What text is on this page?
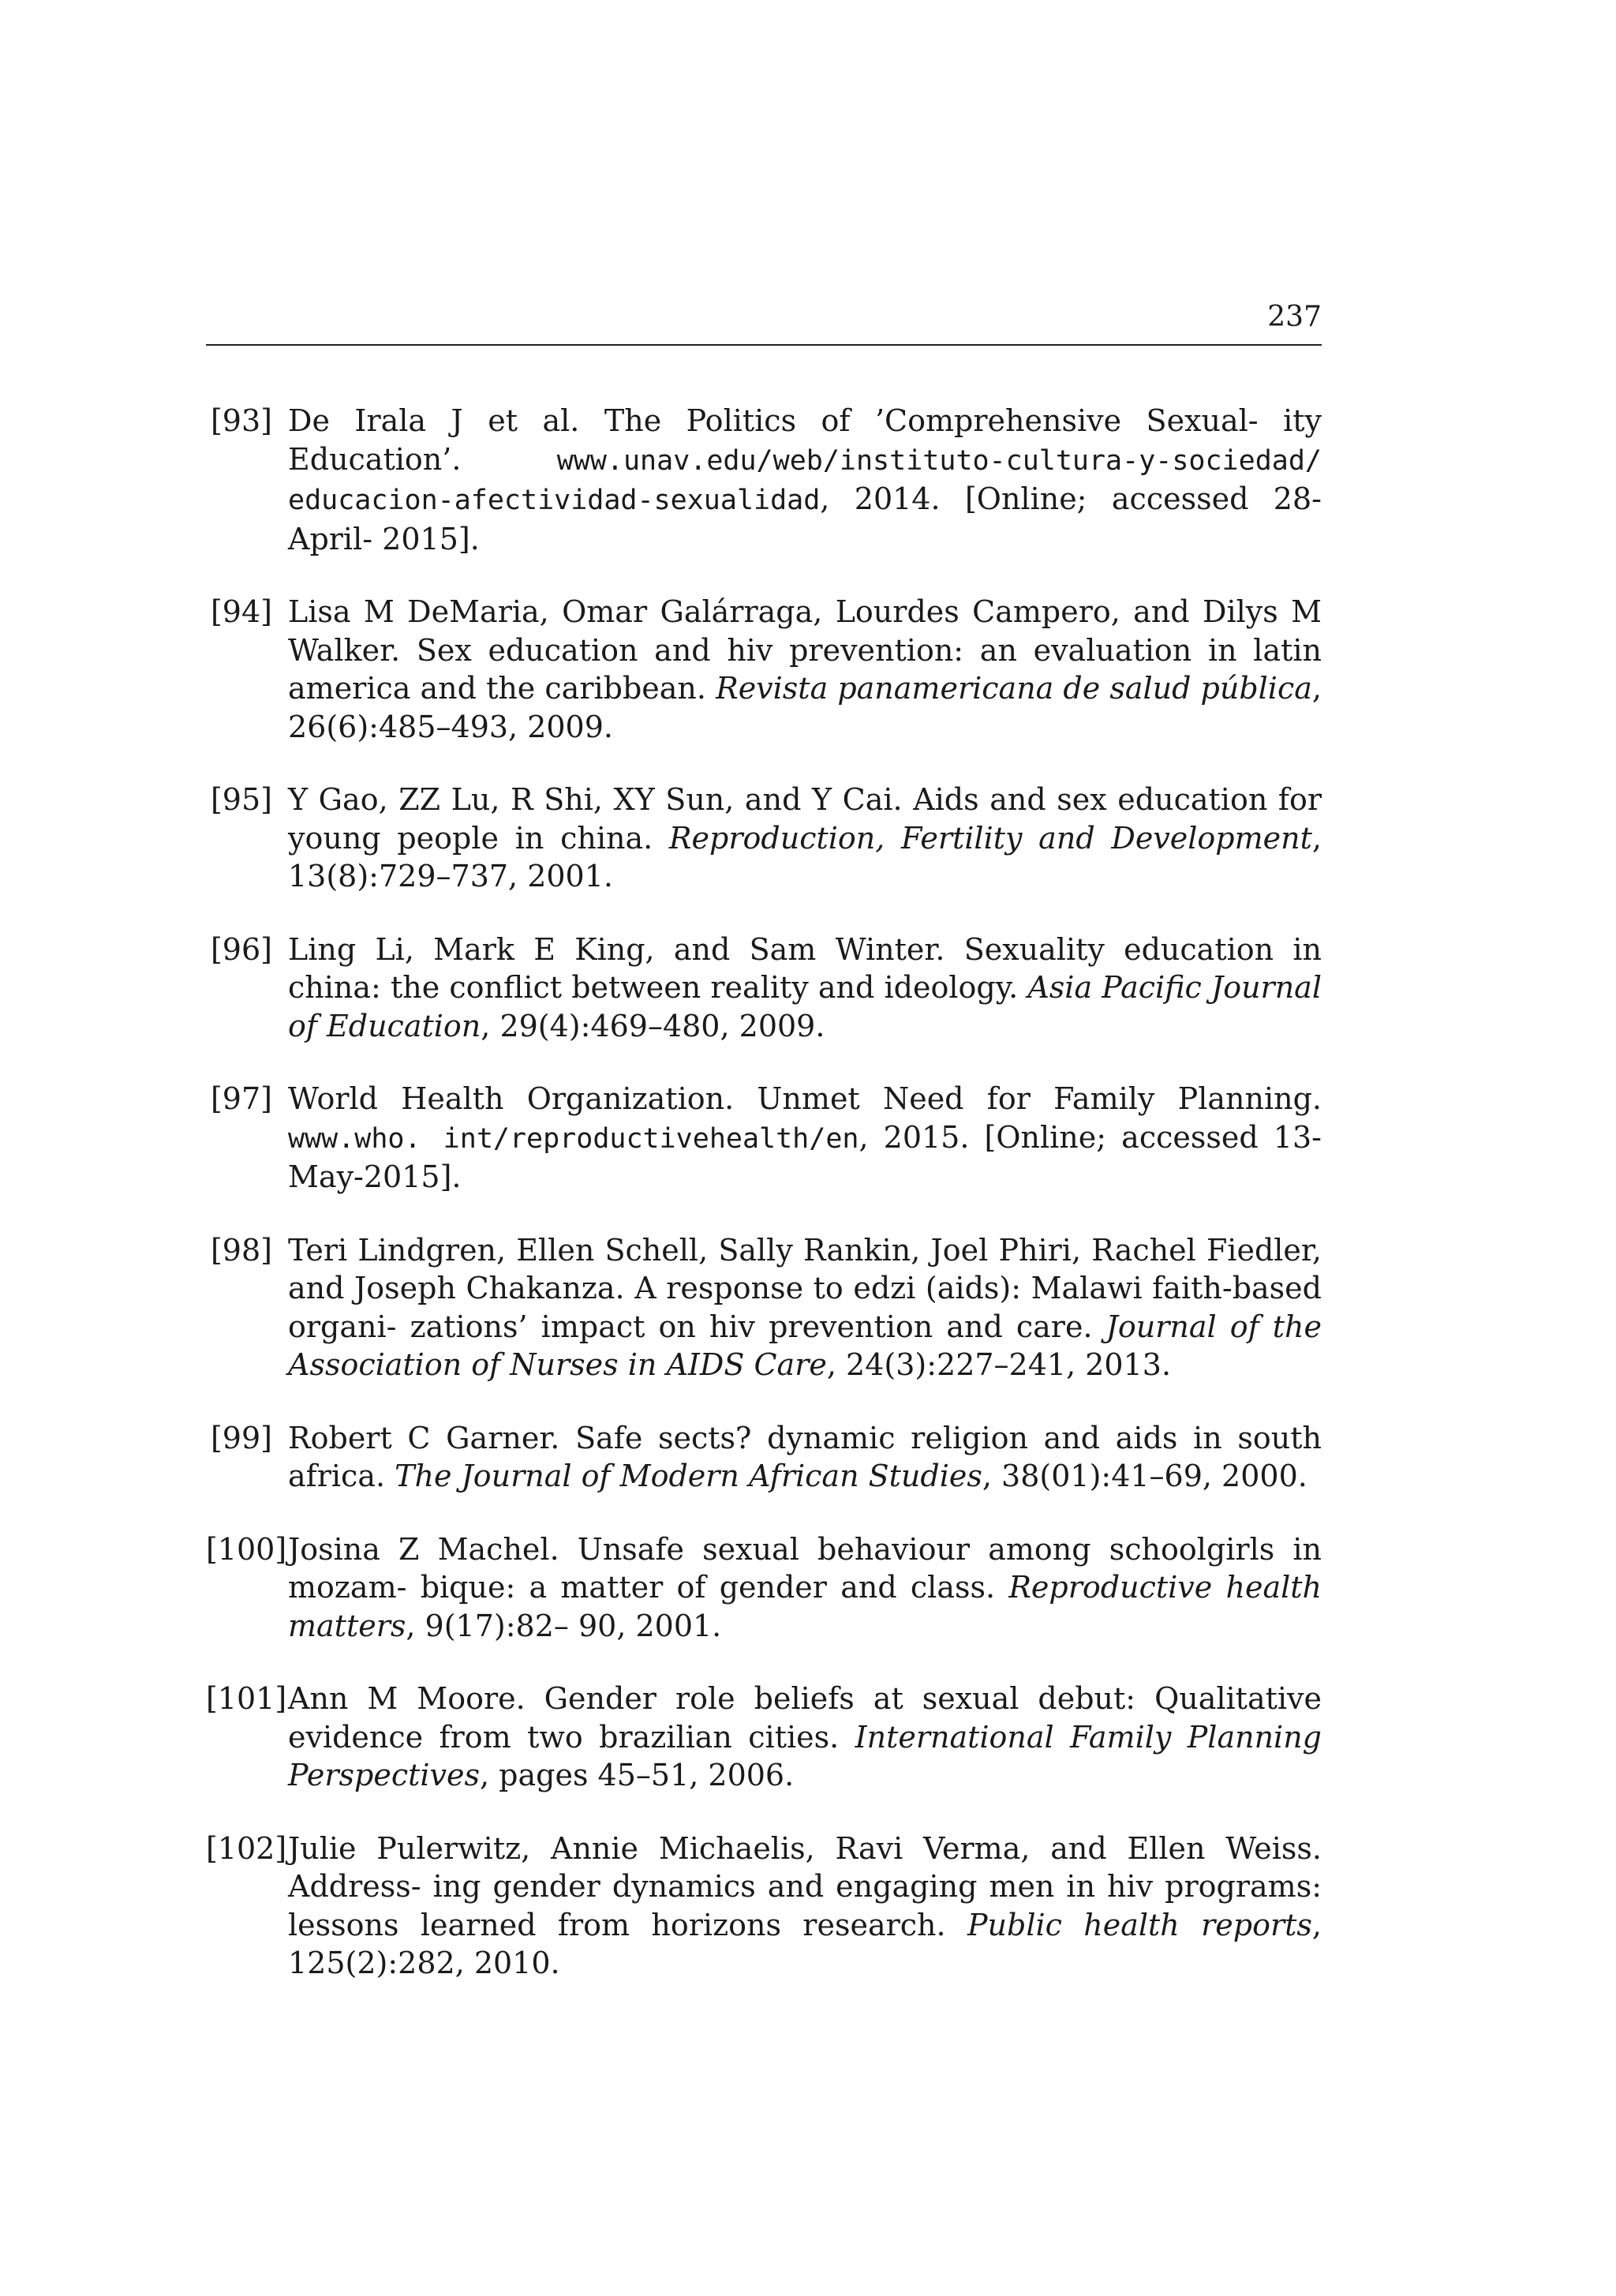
237
[93] De Irala J et al. The Politics of ’Comprehensive Sexual- ity Education’. www.unav.edu/web/instituto-cultura-y-sociedad/ educacion-afectividad-sexualidad, 2014. [Online; accessed 28-April- 2015].
[94] Lisa M DeMaria, Omar Galárraga, Lourdes Campero, and Dilys M Walker. Sex education and hiv prevention: an evaluation in latin america and the caribbean. Revista panamericana de salud pública, 26(6):485–493, 2009.
[95] Y Gao, ZZ Lu, R Shi, XY Sun, and Y Cai. Aids and sex education for young people in china. Reproduction, Fertility and Development, 13(8):729–737, 2001.
[96] Ling Li, Mark E King, and Sam Winter. Sexuality education in china: the conflict between reality and ideology. Asia Pacific Journal of Education, 29(4):469–480, 2009.
[97] World Health Organization. Unmet Need for Family Planning. www.who. int/reproductivehealth/en, 2015. [Online; accessed 13-May-2015].
[98] Teri Lindgren, Ellen Schell, Sally Rankin, Joel Phiri, Rachel Fiedler, and Joseph Chakanza. A response to edzi (aids): Malawi faith-based organi- zations’ impact on hiv prevention and care. Journal of the Association of Nurses in AIDS Care, 24(3):227–241, 2013.
[99] Robert C Garner. Safe sects? dynamic religion and aids in south africa. The Journal of Modern African Studies, 38(01):41–69, 2000.
[100] Josina Z Machel. Unsafe sexual behaviour among schoolgirls in mozam- bique: a matter of gender and class. Reproductive health matters, 9(17):82– 90, 2001.
[101] Ann M Moore. Gender role beliefs at sexual debut: Qualitative evidence from two brazilian cities. International Family Planning Perspectives, pages 45–51, 2006.
[102] Julie Pulerwitz, Annie Michaelis, Ravi Verma, and Ellen Weiss. Address- ing gender dynamics and engaging men in hiv programs: lessons learned from horizons research. Public health reports, 125(2):282, 2010.
